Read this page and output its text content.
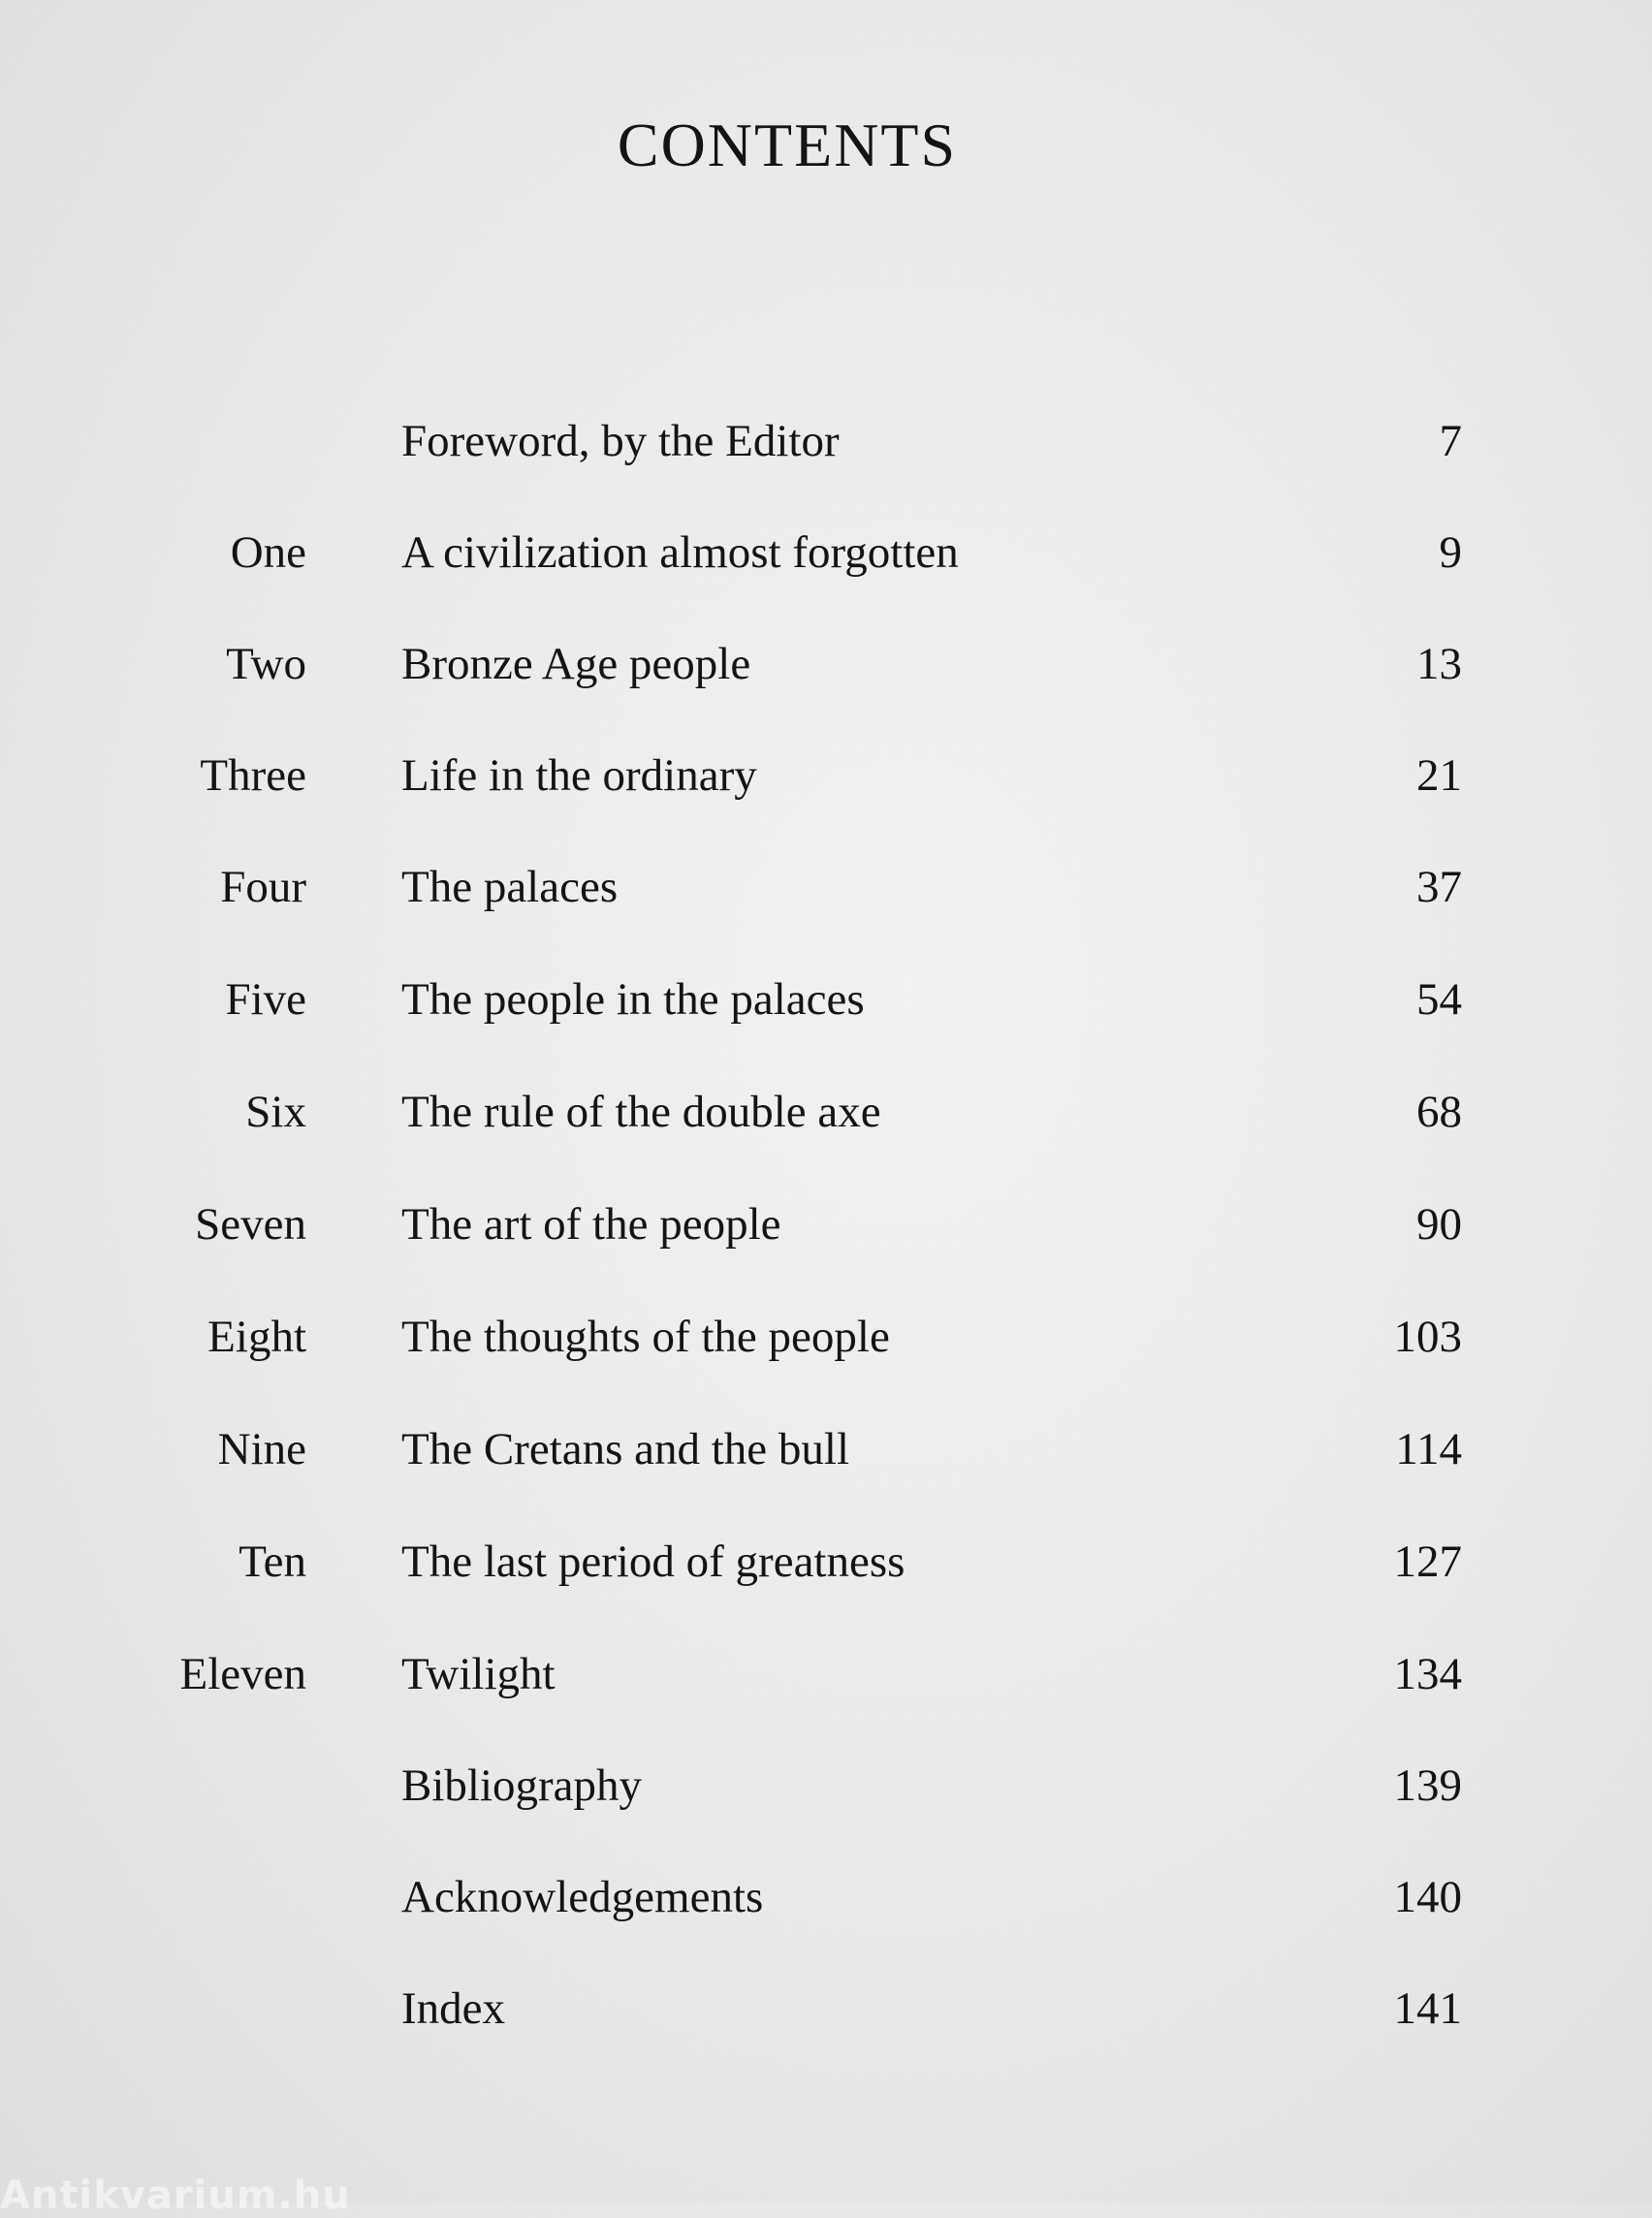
CONTENTS
Foreword, by the Editor	7
One A civilization almost forgotten	9
Two Bronze Age people	13
Three Life in the ordinary	21
Four The palaces	37
Five The people in the palaces	54
Six The rule of the double axe	68
Seven The art of the people	90
Eight The thoughts of the people	103
Nine The Cretans and the bull	114
Ten The last period of greatness	127
Eleven Twilight	134
Bibliography	139
Acknowledgements	140
Index	141
Antikvarium.hu
